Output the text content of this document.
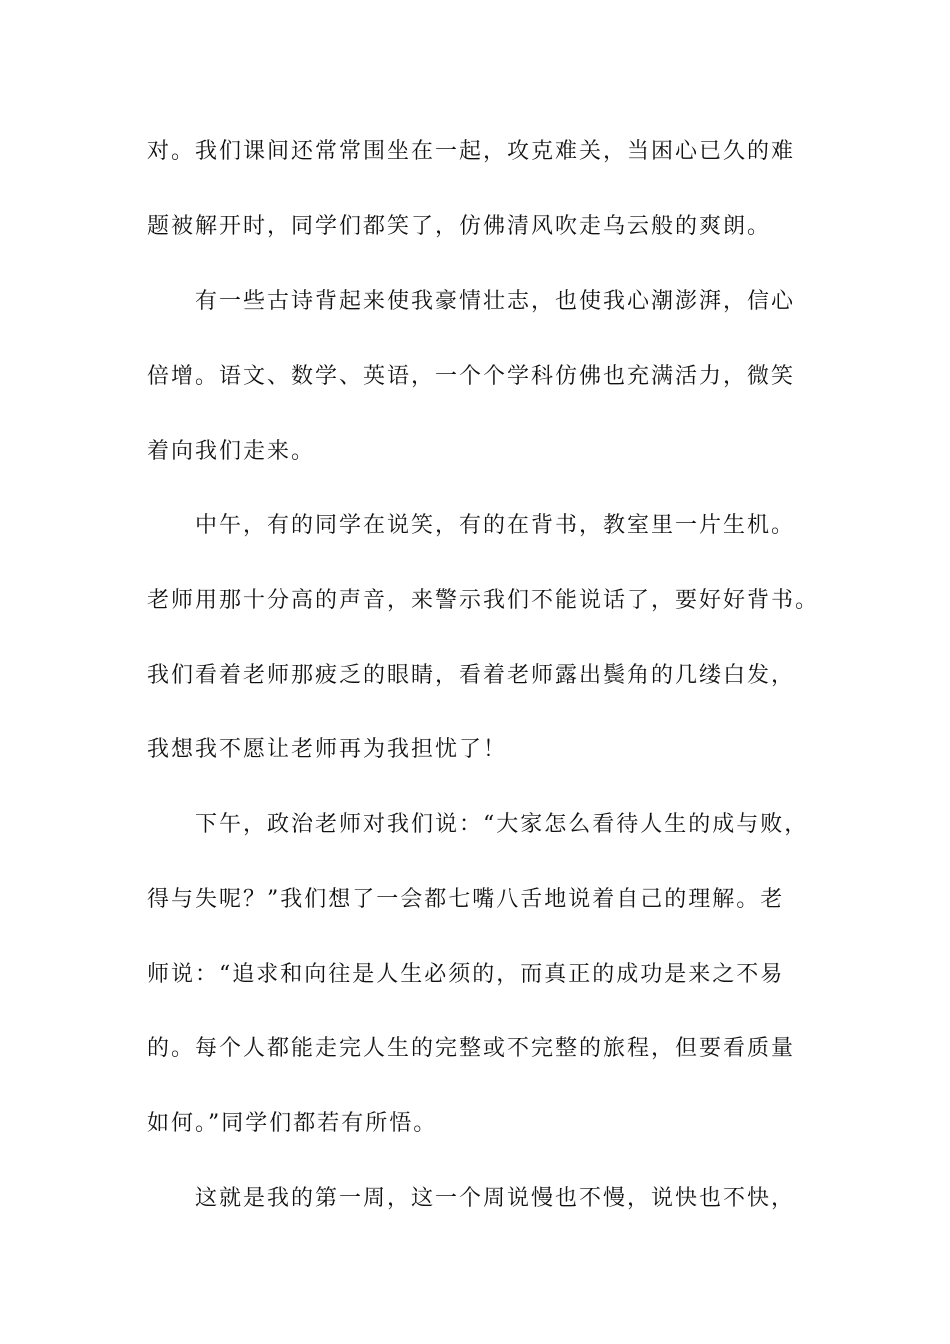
对。我们课间还常常围坐在一起，攻克难关，当困心已久的难
题被解开时，同学们都笑了，仿佛清风吹走乌云般的爽朗。
有一些古诗背起来使我豪情壮志，也使我心潮澎湃，信心
倍增。语文、数学、英语，一个个学科仿佛也充满活力，微笑
着向我们走来。
中午，有的同学在说笑，有的在背书，教室里一片生机。
老师用那十分高的声音，来警示我们不能说话了，要好好背书。
我们看着老师那疲乏的眼睛，看着老师露出鬓角的几缕白发，
我想我不愿让老师再为我担忧了！
下午，政治老师对我们说：“大家怎么看待人生的成与败，
得与失呢？”我们想了一会都七嘴八舌地说着自己的理解。老
师说：“追求和向往是人生必须的，而真正的成功是来之不易
的。每个人都能走完人生的完整或不完整的旅程，但要看质量
如何。”同学们都若有所悟。
这就是我的第一周，这一个周说慢也不慢，说快也不快，
